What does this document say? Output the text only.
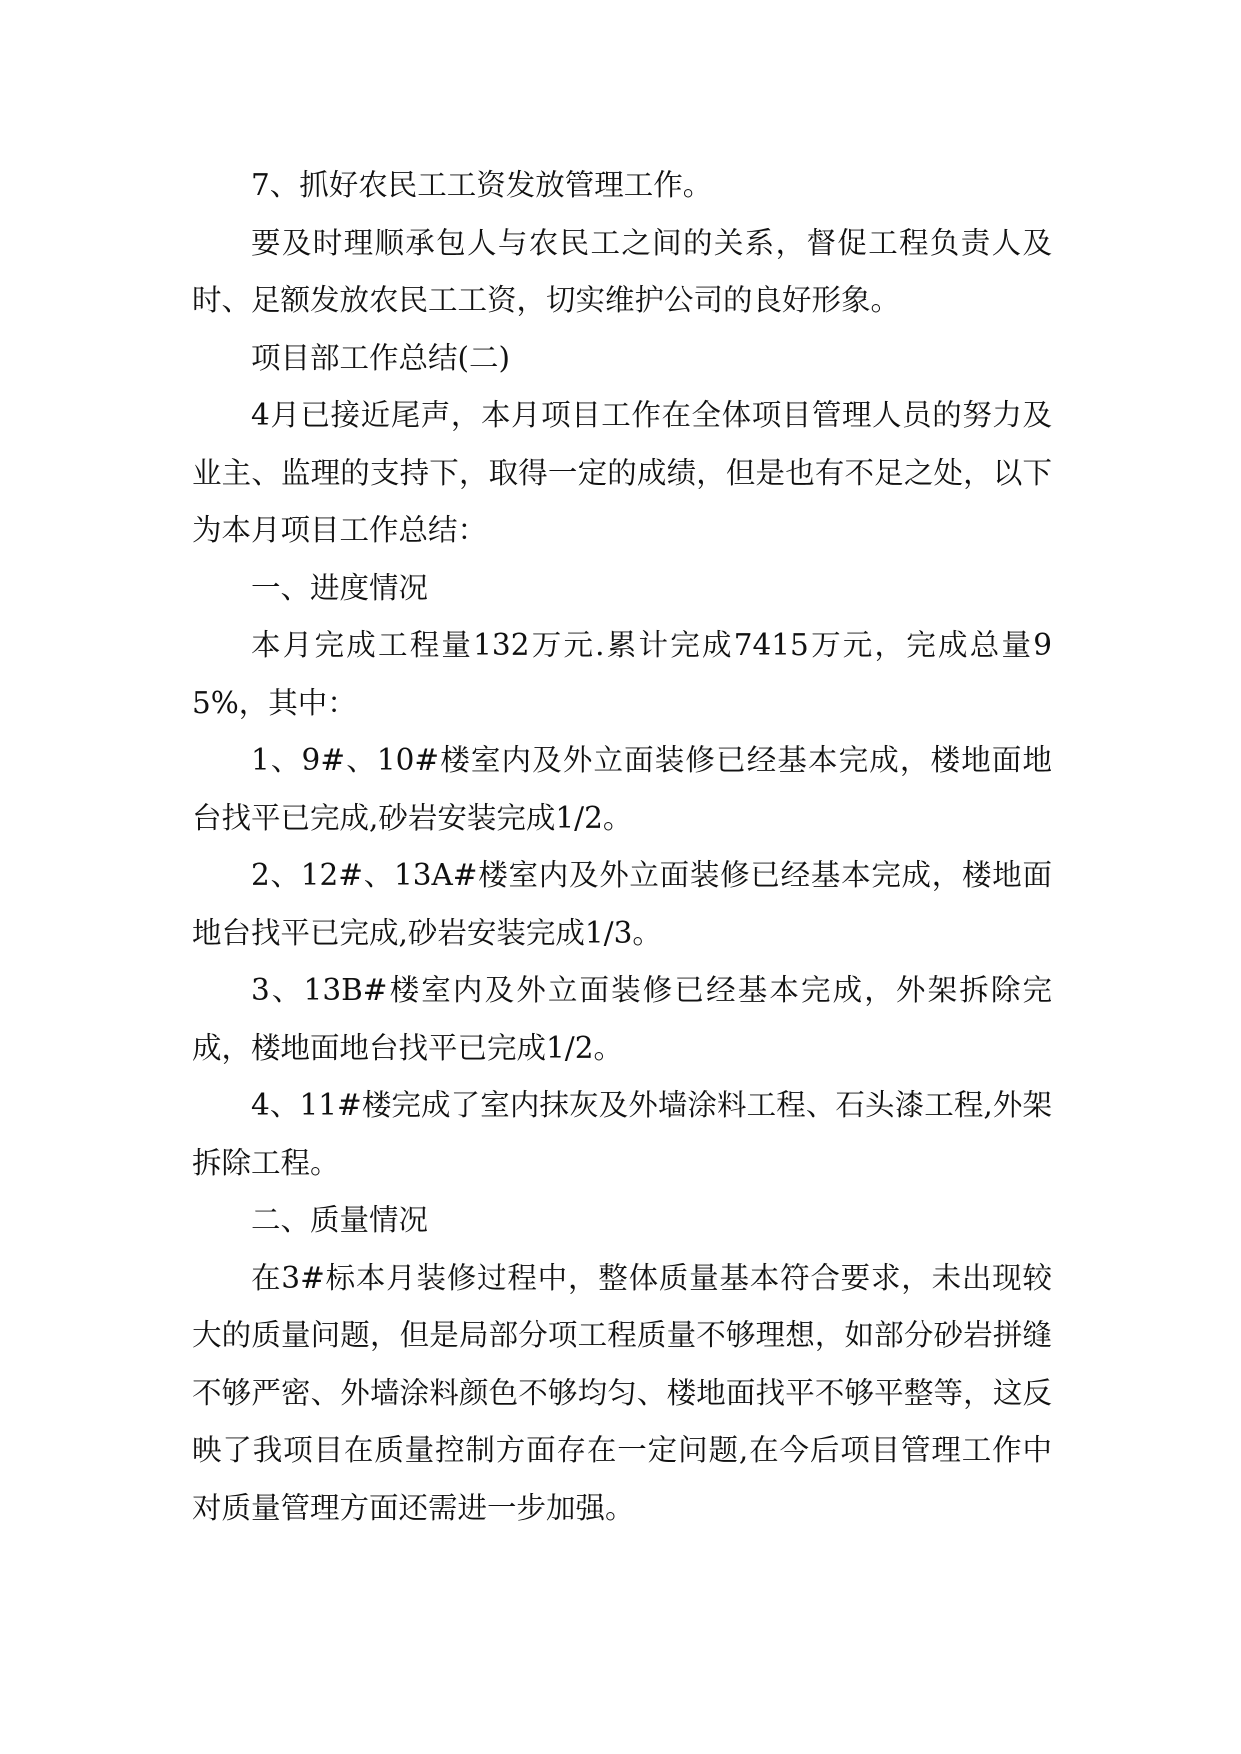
7、抓好农民工工资发放管理工作。

要及时理顺承包人与农民工之间的关系，督促工程负责人及时、足额发放农民工工资，切实维护公司的良好形象。

项目部工作总结(二)

4月已接近尾声，本月项目工作在全体项目管理人员的努力及业主、监理的支持下，取得一定的成绩，但是也有不足之处，以下为本月项目工作总结：

一、进度情况

本月完成工程量132万元.累计完成7415万元，完成总量95%，其中：

1、9#、10#楼室内及外立面装修已经基本完成，楼地面地台找平已完成,砂岩安装完成1/2。

2、12#、13A#楼室内及外立面装修已经基本完成，楼地面地台找平已完成,砂岩安装完成1/3。

3、13B#楼室内及外立面装修已经基本完成，外架拆除完成，楼地面地台找平已完成1/2。

4、11#楼完成了室内抹灰及外墙涂料工程、石头漆工程,外架拆除工程。

二、质量情况

在3#标本月装修过程中，整体质量基本符合要求，未出现较大的质量问题，但是局部分项工程质量不够理想，如部分砂岩拼缝不够严密、外墙涂料颜色不够均匀、楼地面找平不够平整等，这反映了我项目在质量控制方面存在一定问题,在今后项目管理工作中对质量管理方面还需进一步加强。
